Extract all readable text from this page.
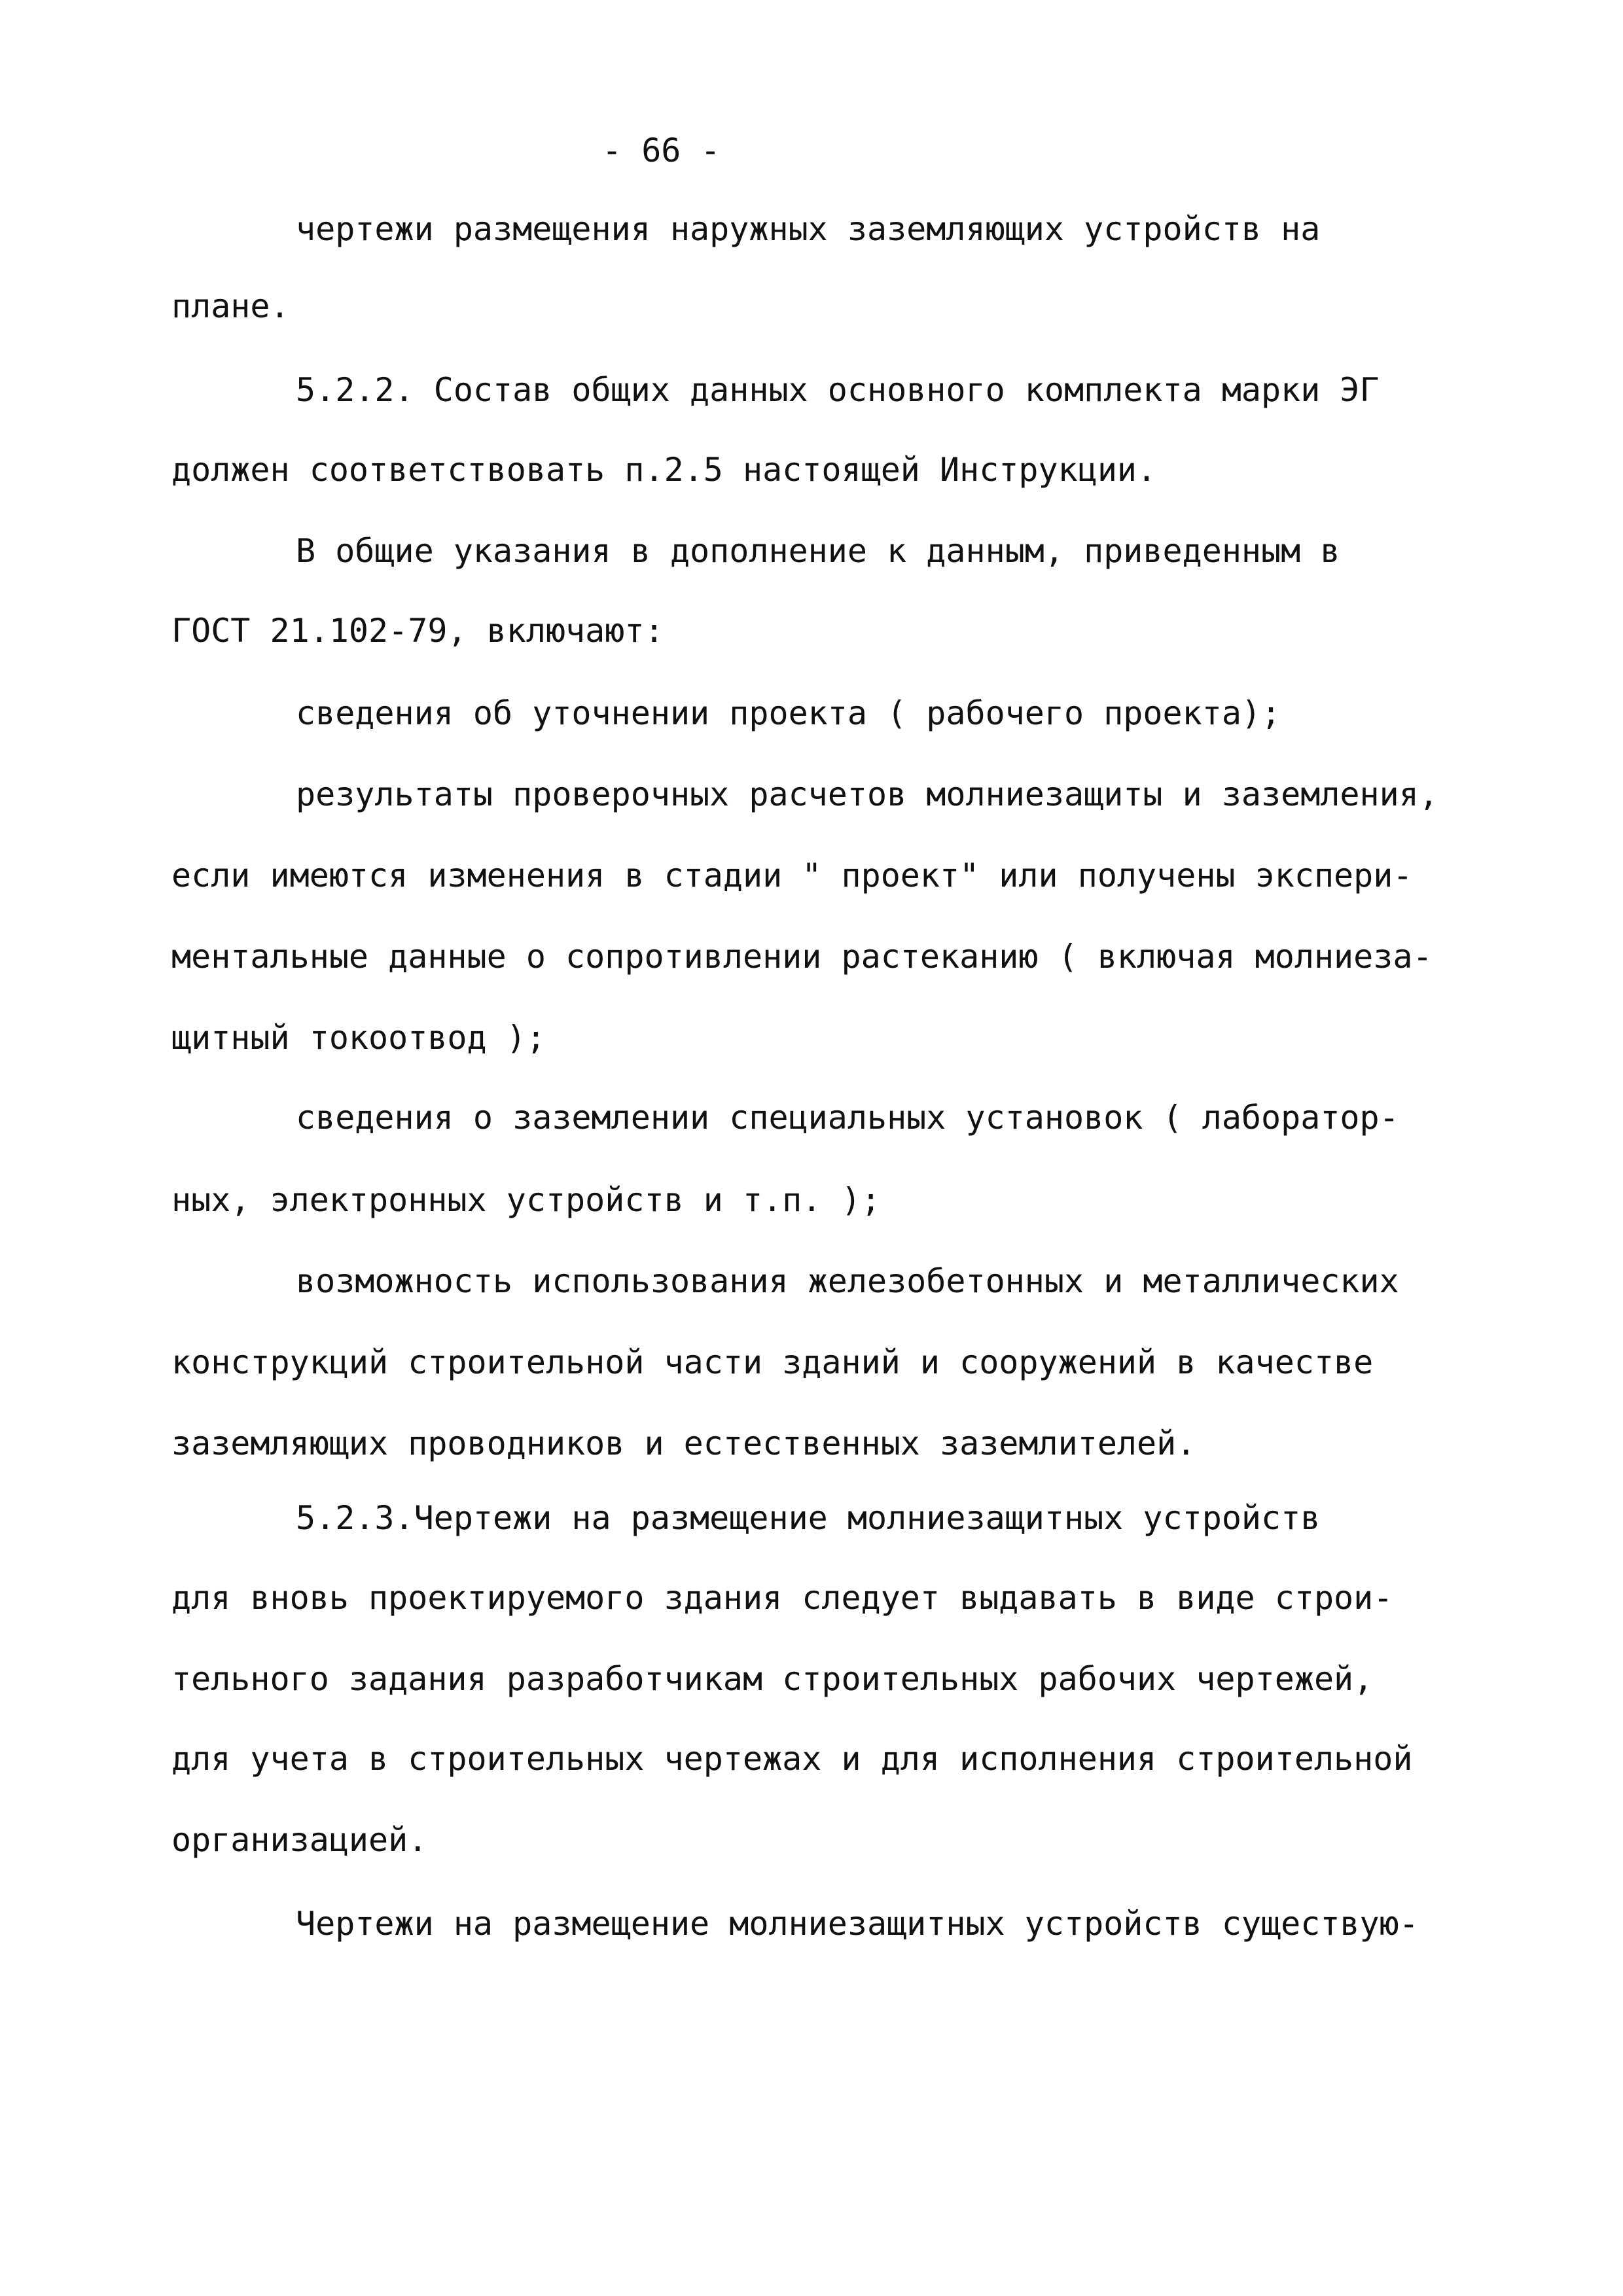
- 66 -
чертежи размещения наружных заземляющих устройств на
плане.
5.2.2. Состав общих данных основного комплекта марки ЭГ
должен соответствовать п.2.5 настоящей Инструкции.
В общие указания в дополнение к данным, приведенным в
ГОСТ 21.102-79, включают:
сведения об уточнении проекта ( рабочего проекта);
результаты проверочных расчетов молниезащиты и заземления,
если имеются изменения в стадии " проект" или получены экспери-
ментальные данные о сопротивлении растеканию ( включая молниеза-
щитный токоотвод );
сведения о заземлении специальных установок ( лаборатор-
ных, электронных устройств и т.п. );
возможность использования железобетонных и металлических
конструкций строительной части зданий и сооружений в качестве
заземляющих проводников и естественных заземлителей.
5.2.3.Чертежи на размещение молниезащитных устройств
для вновь проектируемого здания следует выдавать в виде строи-
тельного задания разработчикам строительных рабочих чертежей,
для учета в строительных чертежах и для исполнения строительной
организацией.
Чертежи на размещение молниезащитных устройств существую-
